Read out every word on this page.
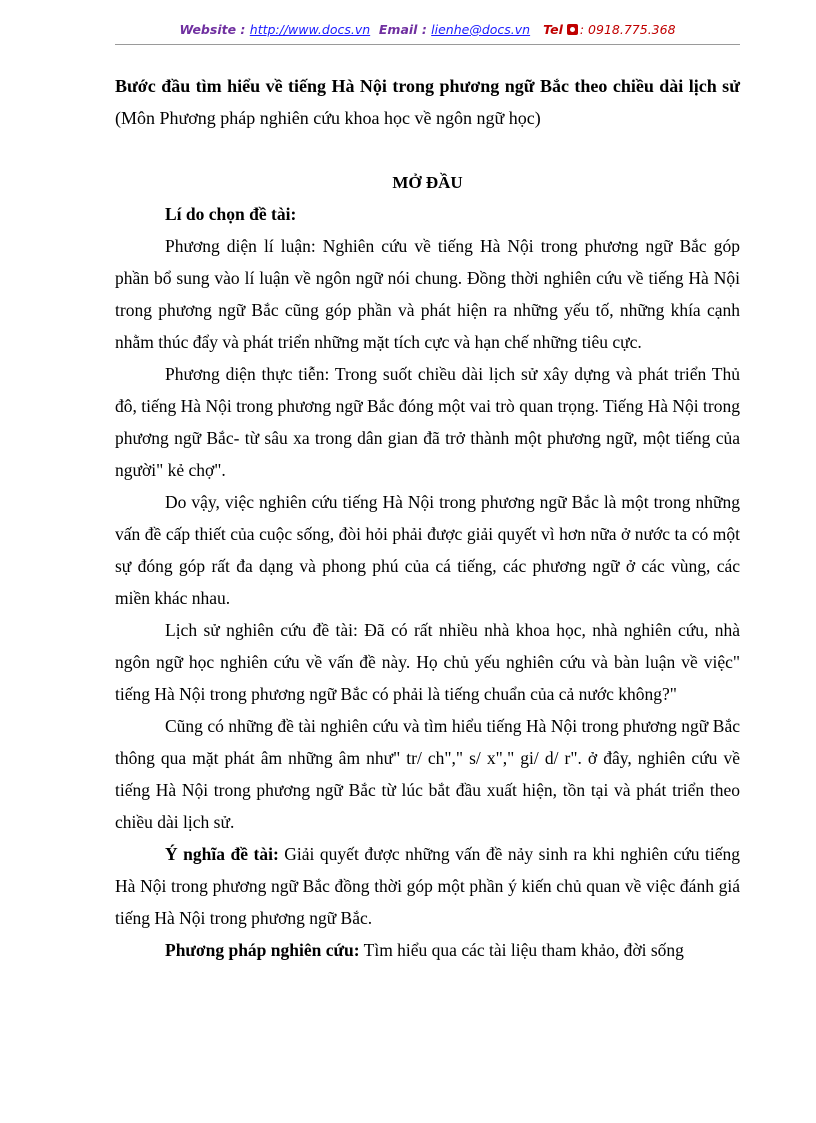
Website : http://www.docs.vn Email : lienhe@docs.vn Tel : 0918.775.368

Bước đầu tìm hiểu về tiếng Hà Nội trong phương ngữ Bắc theo chiều dài lịch sử (Môn Phương pháp nghiên cứu khoa học về ngôn ngữ học)

MỞ ĐẦU
Lí do chọn đề tài:

Phương diện lí luận: Nghiên cứu về tiếng Hà Nội trong phương ngữ Bắc góp phần bổ sung vào lí luận về ngôn ngữ nói chung. Đồng thời nghiên cứu về tiếng Hà Nội trong phương ngữ Bắc cũng góp phần và phát hiện ra những yếu tố, những khía cạnh nhằm thúc đẩy và phát triển những mặt tích cực và hạn chế những tiêu cực.

Phương diện thực tiễn: Trong suốt chiều dài lịch sử xây dựng và phát triển Thủ đô, tiếng Hà Nội trong phương ngữ Bắc đóng một vai trò quan trọng. Tiếng Hà Nội trong phương ngữ Bắc- từ sâu xa trong dân gian đã trở thành một phương ngữ, một tiếng của người" kẻ chợ".

Do vậy, việc nghiên cứu tiếng Hà Nội trong phương ngữ Bắc là một trong những vấn đề cấp thiết của cuộc sống, đòi hỏi phải được giải quyết vì hơn nữa ở nước ta có một sự đóng góp rất đa dạng và phong phú của cá tiếng, các phương ngữ ở các vùng, các miền khác nhau.

Lịch sử nghiên cứu đề tài: Đã có rất nhiều nhà khoa học, nhà nghiên cứu, nhà ngôn ngữ học nghiên cứu về vấn đề này. Họ chủ yếu nghiên cứu và bàn luận về việc" tiếng Hà Nội trong phương ngữ Bắc có phải là tiếng chuẩn của cả nước không?"

Cũng có những đề tài nghiên cứu và tìm hiểu tiếng Hà Nội trong phương ngữ Bắc thông qua mặt phát âm những âm như" tr/ ch"," s/ x"," gi/ d/ r". ở đây, nghiên cứu về tiếng Hà Nội trong phương ngữ Bắc từ lúc bắt đầu xuất hiện, tồn tại và phát triển theo chiều dài lịch sử.

Ý nghĩa đề tài: Giải quyết được những vấn đề nảy sinh ra khi nghiên cứu tiếng Hà Nội trong phương ngữ Bắc đồng thời góp một phần ý kiến chủ quan về việc đánh giá tiếng Hà Nội trong phương ngữ Bắc.

Phương pháp nghiên cứu: Tìm hiểu qua các tài liệu tham khảo, đời sống
